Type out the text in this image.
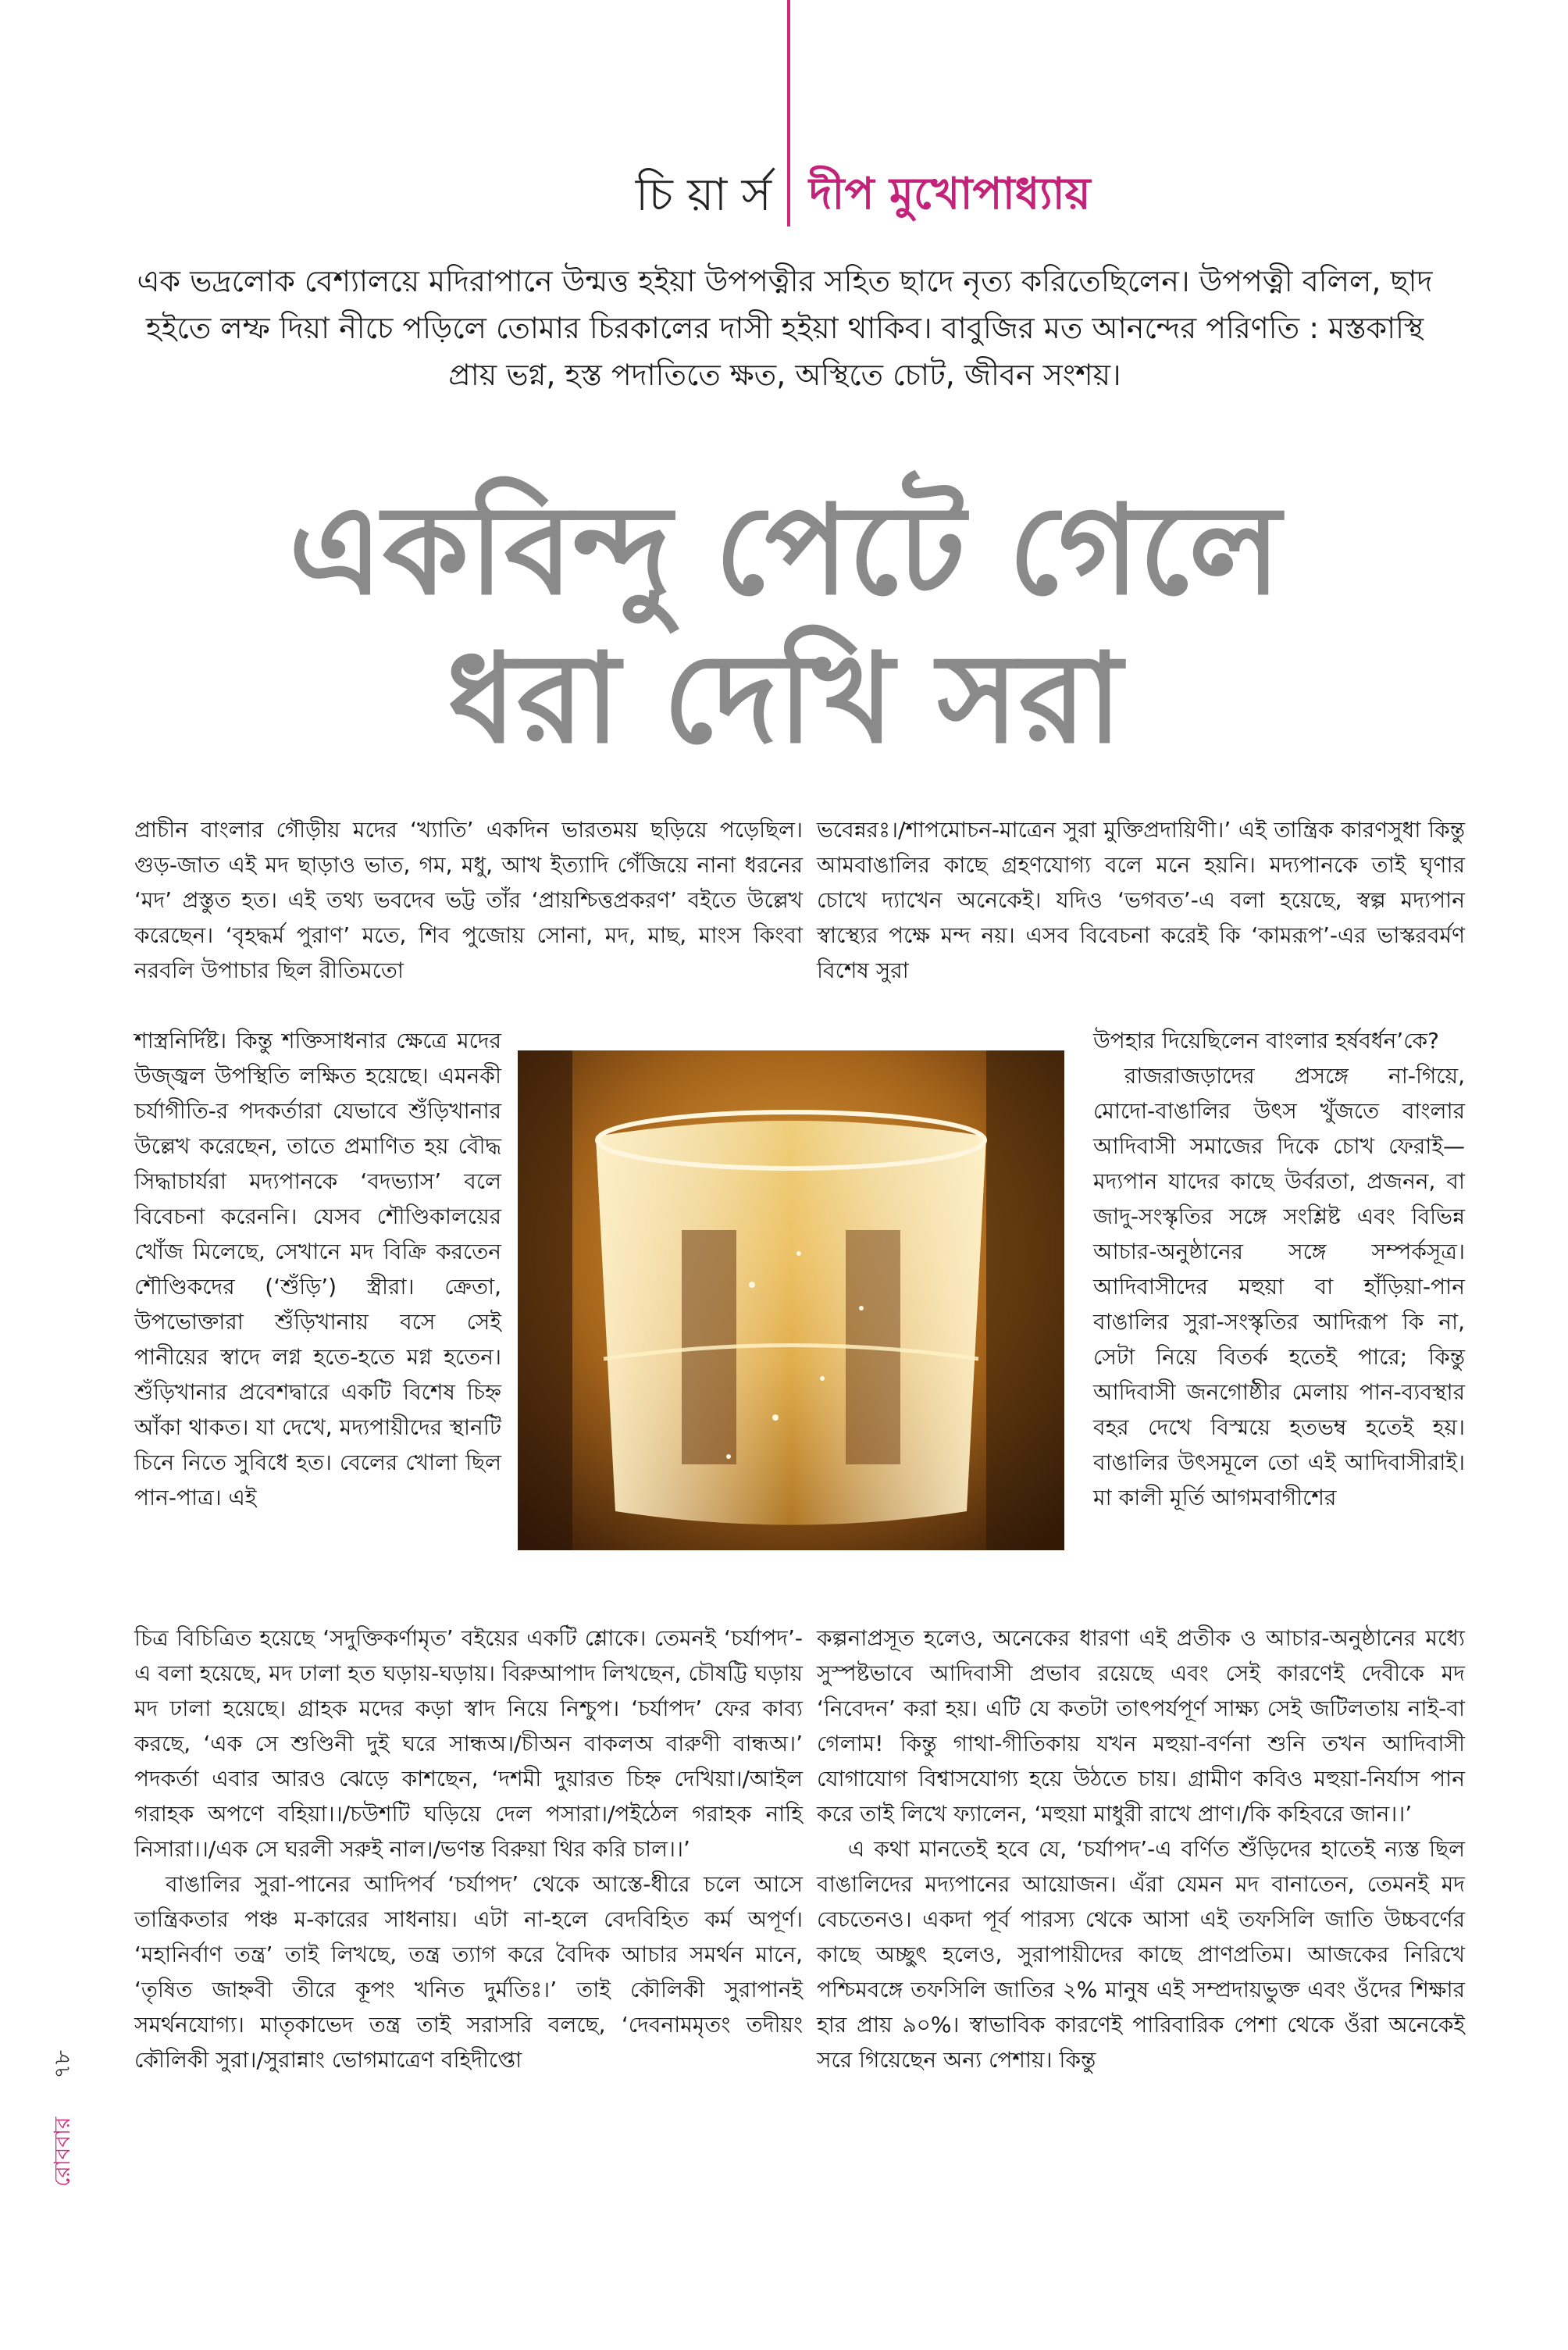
চি য়া র্স দীপ মুখোপাধ্যায়
এক ভদ্রলোক বেশ্যালয়ে মদিরাপানে উন্মত্ত হইয়া উপপত্নীর সহিত ছাদে নৃত্য করিতেছিলেন। উপপত্নী বলিল, ছাদ হইতে লম্ফ দিয়া নীচে পড়িলে তোমার চিরকালের দাসী হইয়া থাকিব। বাবুজির মত আনন্দের পরিণতি : মস্তকাস্থি প্রায় ভগ্ন, হস্ত পদাতিতে ক্ষত, অস্থিতে চোট, জীবন সংশয়।
একবিন্দু পেটে গেলে
ধরা দেখি সরা

প্রাচীন বাংলার গৌড়ীয় মদের ‘খ্যাতি’ একদিন ভারতময় ছড়িয়ে পড়েছিল। গুড়-জাত এই মদ ছাড়াও ভাত, গম, মধু, আখ ইত্যাদি গেঁজিয়ে নানা ধরনের ‘মদ’ প্রস্তুত হত। এই তথ্য ভবদেব ভট্ট তাঁর ‘প্রায়শ্চিত্তপ্রকরণ’ বইতে উল্লেখ করেছেন। ‘বৃহদ্ধর্ম পুরাণ’ মতে, শিব পুজোয় সোনা, মদ, মাছ, মাংস কিংবা নরবলি উপাচার ছিল রীতিমতো

শাস্ত্রনির্দিষ্ট। কিন্তু শক্তিসাধনার ক্ষেত্রে মদের উজ্জ্বল উপস্থিতি লক্ষিত হয়েছে। এমনকী চর্যাগীতি-র পদকর্তারা যেভাবে শুঁড়িখানার উল্লেখ করেছেন, তাতে প্রমাণিত হয় বৌদ্ধ সিদ্ধাচার্যরা মদ্যপানকে ‘বদভ্যাস’ বলে বিবেচনা করেননি। যেসব শৌণ্ডিকালয়ের খোঁজ মিলেছে, সেখানে মদ বিক্রি করতেন শৌণ্ডিকদের (‘শুঁড়ি’) স্ত্রীরা। ক্রেতা, উপভোক্তারা শুঁড়িখানায় বসে সেই পানীয়ের স্বাদে লগ্ন হতে-হতে মগ্ন হতেন। শুঁড়িখানার প্রবেশদ্বারে একটি বিশেষ চিহ্ন আঁকা থাকত। যা দেখে, মদ্যপায়ীদের স্থানটি চিনে নিতে সুবিধে হত। বেলের খোলা ছিল পান-পাত্র। এই

ভবেন্নরঃ।/শাপমোচন-মাত্রেন সুরা মুক্তিপ্রদায়িণী।’ এই তান্ত্রিক কারণসুধা কিন্তু আমবাঙালির কাছে গ্রহণযোগ্য বলে মনে হয়নি। মদ্যপানকে তাই ঘৃণার চোখে দ্যাখেন অনেকেই। যদিও ‘ভগবত’-এ বলা হয়েছে, স্বল্প মদ্যপান স্বাস্থ্যের পক্ষে মন্দ নয়। এসব বিবেচনা করেই কি ‘কামরূপ’-এর ভাস্করবর্মণ বিশেষ সুরা

উপহার দিয়েছিলেন বাংলার হর্ষবর্ধন’কে?

রাজরাজড়াদের প্রসঙ্গে না-গিয়ে, মোদো-বাঙালির উৎস খুঁজতে বাংলার আদিবাসী সমাজের দিকে চোখ ফেরাই—মদ্যপান যাদের কাছে উর্বরতা, প্রজনন, বা জাদু-সংস্কৃতির সঙ্গে সংশ্লিষ্ট এবং বিভিন্ন আচার-অনুষ্ঠানের সঙ্গে সম্পর্কসূত্র। আদিবাসীদের মহুয়া বা হাঁড়িয়া-পান বাঙালির সুরা-সংস্কৃতির আদিরূপ কি না, সেটা নিয়ে বিতর্ক হতেই পারে; কিন্তু আদিবাসী জনগোষ্ঠীর মেলায় পান-ব্যবস্থার বহর দেখে বিস্ময়ে হতভম্ব হতেই হয়। বাঙালির উৎসমূলে তো এই আদিবাসীরাই। মা কালী মূর্তি আগমবাগীশের

চিত্র বিচিত্রিত হয়েছে ‘সদুক্তিকর্ণামৃত’ বইয়ের একটি শ্লোকে। তেমনই ‘চর্যাপদ’-এ বলা হয়েছে, মদ ঢালা হত ঘড়ায়-ঘড়ায়। বিরুআপাদ লিখছেন, চৌষট্টি ঘড়ায় মদ ঢালা হয়েছে। গ্রাহক মদের কড়া স্বাদ নিয়ে নিশ্চুপ। ‘চর্যাপদ’ ফের কাব্য করছে, ‘এক সে শুণ্ডিনী দুই ঘরে সান্ধঅ।/চীঅন বাকলঅ বারুণী বান্ধঅ।’ পদকর্তা এবার আরও ঝেড়ে কাশছেন, ‘দশমী দুয়ারত চিহ্ন দেখিয়া।/আইল গরাহক অপণে বহিয়া।।/চউশটি ঘড়িয়ে দেল পসারা।/পইঠেল গরাহক নাহি নিসারা।।/এক সে ঘরলী সরুই নাল।/ভণন্ত বিরুয়া থির করি চাল।।’

বাঙালির সুরা-পানের আদিপর্ব ‘চর্যাপদ’ থেকে আস্তে-ধীরে চলে আসে তান্ত্রিকতার পঞ্চ ম-কারের সাধনায়। এটা না-হলে বেদবিহিত কর্ম অপূর্ণ। ‘মহানির্বাণ তন্ত্র’ তাই লিখছে, তন্ত্র ত্যাগ করে বৈদিক আচার সমর্থন মানে, ‘তৃষিত জাহ্নবী তীরে কূপং খনিত দুর্মতিঃ।’ তাই কৌলিকী সুরাপানই সমর্থনযোগ্য। মাতৃকাভেদ তন্ত্র তাই সরাসরি বলছে, ‘দেবনামমৃতং তদীয়ং কৌলিকী সুরা।/সুরান্নাং ভোগমাত্রেণ বহিদীপ্তো

কল্পনাপ্রসূত হলেও, অনেকের ধারণা এই প্রতীক ও আচার-অনুষ্ঠানের মধ্যে সুস্পষ্টভাবে আদিবাসী প্রভাব রয়েছে এবং সেই কারণেই দেবীকে মদ ‘নিবেদন’ করা হয়। এটি যে কতটা তাৎপর্যপূর্ণ সাক্ষ্য সেই জটিলতায় নাই-বা গেলাম! কিন্তু গাথা-গীতিকায় যখন মহুয়া-বর্ণনা শুনি তখন আদিবাসী যোগাযোগ বিশ্বাসযোগ্য হয়ে উঠতে চায়। গ্রামীণ কবিও মহুয়া-নির্যাস পান করে তাই লিখে ফ্যালেন, ‘মহুয়া মাধুরী রাখে প্রাণ।/কি কহিবরে জান।।’

এ কথা মানতেই হবে যে, ‘চর্যাপদ’-এ বর্ণিত শুঁড়িদের হাতেই ন্যস্ত ছিল বাঙালিদের মদ্যপানের আয়োজন। এঁরা যেমন মদ বানাতেন, তেমনই মদ বেচতেনও। একদা পূর্ব পারস্য থেকে আসা এই তফসিলি জাতি উচ্চবর্ণের কাছে অচ্ছুৎ হলেও, সুরাপায়ীদের কাছে প্রাণপ্রতিম। আজকের নিরিখে পশ্চিমবঙ্গে তফসিলি জাতির ২% মানুষ এই সম্প্রদায়ভুক্ত এবং ওঁদের শিক্ষার হার প্রায় ৯০%। স্বাভাবিক কারণেই পারিবারিক পেশা থেকে ওঁরা অনেকেই সরে গিয়েছেন অন্য পেশায়। কিন্তু

রোববার ৭৮
